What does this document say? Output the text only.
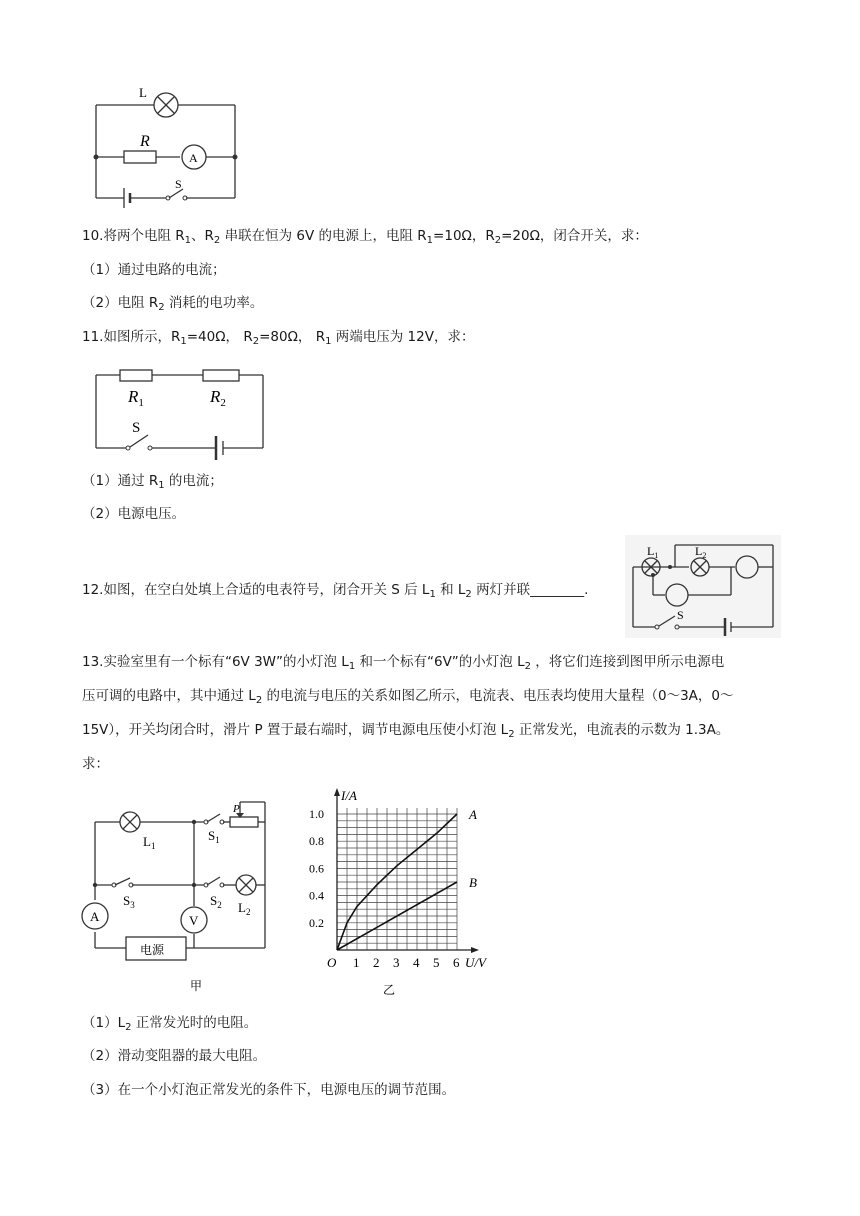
L
R
A
S
10.将两个电阻 $R_1$、$R_2$ 串联在恒为 6V 的电源上，电阻 $R_1=10\Omega$，$R_2=20\Omega$，闭合开关，求：
（1）通过电路的电流；
（2）电阻 $R_2$ 消耗的电功率。
11.如图所示，$R_1=40\Omega$， $R_2=80\Omega$， $R_1$ 两端电压为 12V，求：
$R_1$	$R_2$
S
（1）通过 $R_1$ 的电流；
（2）电源电压。
12.如图，在空白处填上合适的电表符号，闭合开关 S 后 $L_1$ 和 $L_2$ 两灯并联________.
$L_1$	$L_2$
S
13.实验室里有一个标有“6V 3W”的小灯泡 $L_1$ 和一个标有“6V”的小灯泡 $L_2$ ，将它们连接到图甲所示电源电
压可调的电路中，其中通过 $L_2$ 的电流与电压的关系如图乙所示，电流表、电压表均使用大量程（0～3A，0～
15V），开关均闭合时，滑片 P 置于最右端时，调节电源电压使小灯泡 $L_2$ 正常发光，电流表的示数为 1.3A。
求：
A	V
电源
$L_1$
$S_1$
P
$S_3$	$S_2$ $L_2$
甲
A
B
1 2 3 4 5 6
0.2
0.4
0.6
0.8
1.0
O	U/V
I/A
乙
$(1)L_2$ 正常发光时的电阻。
（2）滑动变阻器的最大电阻。
（3）在一个小灯泡正常发光的条件下，电源电压的调节范围。
